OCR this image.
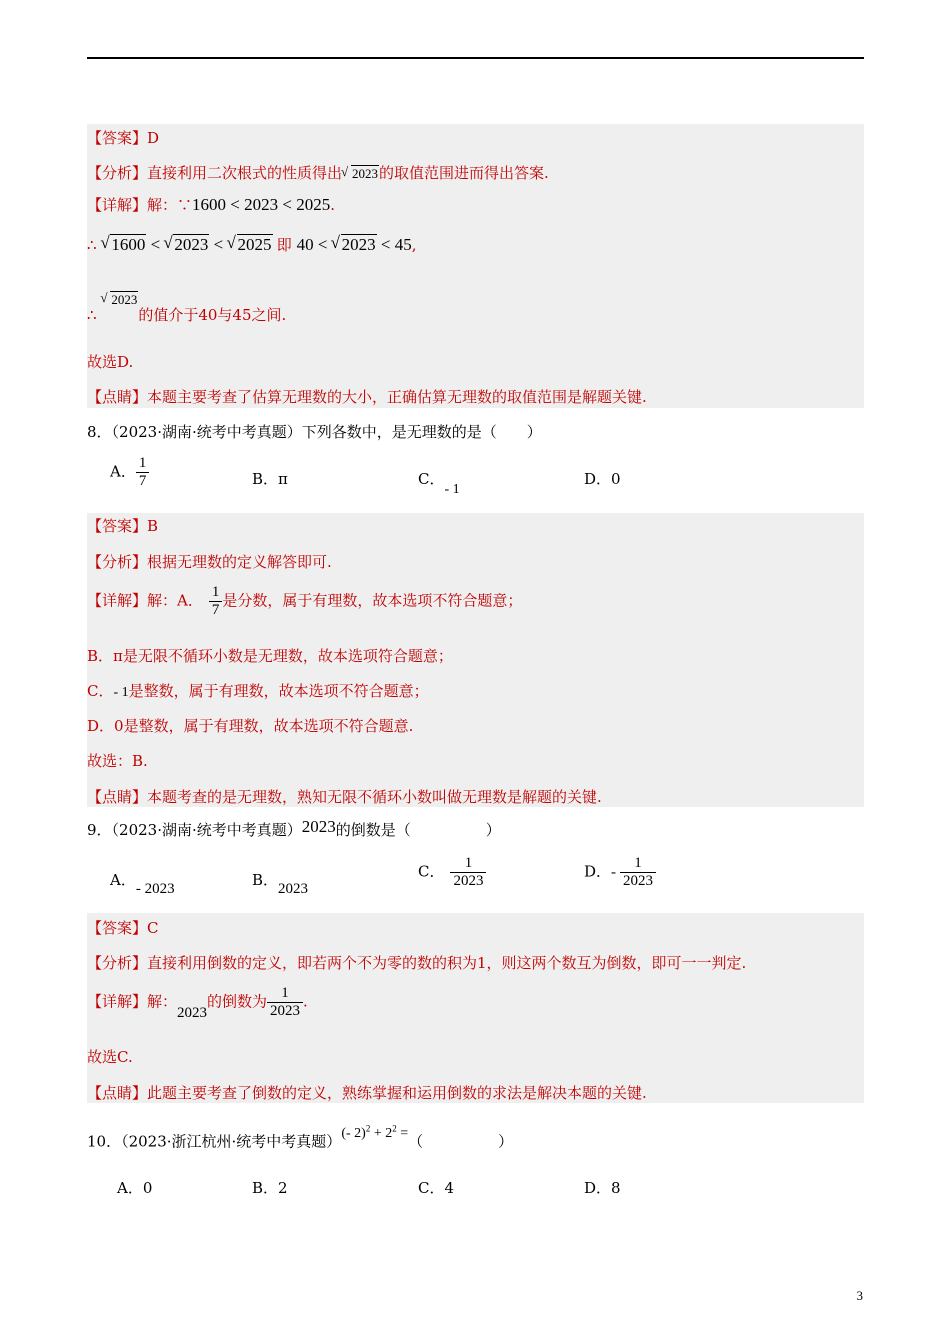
【答案】D
【分析】直接利用二次根式的性质得出 √ 2023的取值范围进而得出答案.
【详解】解：∵1600 < 2023 < 2025.
∴ √ 1600 < √ 2023 < √ 2025 即 40 < √ 2023 < 45,
∴ √ 2023的值介于40与45之间.
故选D.
【点睛】本题主要考查了估算无理数的大小，正确估算无理数的取值范围是解题关键.
8．（2023·湖南·统考中考真题）下列各数中，是无理数的是（　　）
A． $\frac{1}{7}$	B．π	C．- 1
D．0
【答案】B
【分析】根据无理数的定义解答即可.
【详解】解：A． $\frac{1}{7}$ 是分数，属于有理数，故本选项不符合题意；
B．π是无限不循环小数是无理数，故本选项符合题意；
C．- 1是整数，属于有理数，故本选项不符合题意；
D．0是整数，属于有理数，故本选项不符合题意.
故选：B.
【点睛】本题考查的是无理数，熟知无限不循环小数叫做无理数是解题的关键.
9．（2023·湖南·统考中考真题）2023的倒数是（　　　　　）
A．- 2023	B．2023
C． $\frac{1}{2023}$	D．- $\frac{1}{2023}$
【答案】C
【分析】直接利用倒数的定义，即若两个不为零的数的积为1，则这两个数互为倒数，即可一一判定.
【详解】解：2023的倒数为 $\frac{1}{2023}$ .
故选C.
【点睛】此题主要考查了倒数的定义，熟练掌握和运用倒数的求法是解决本题的关键.
10．（2023·浙江杭州·统考中考真题）(- $2)^2 + 2^2$ =（　　　　　）
A．0	B．2	C．4	D．8
3
